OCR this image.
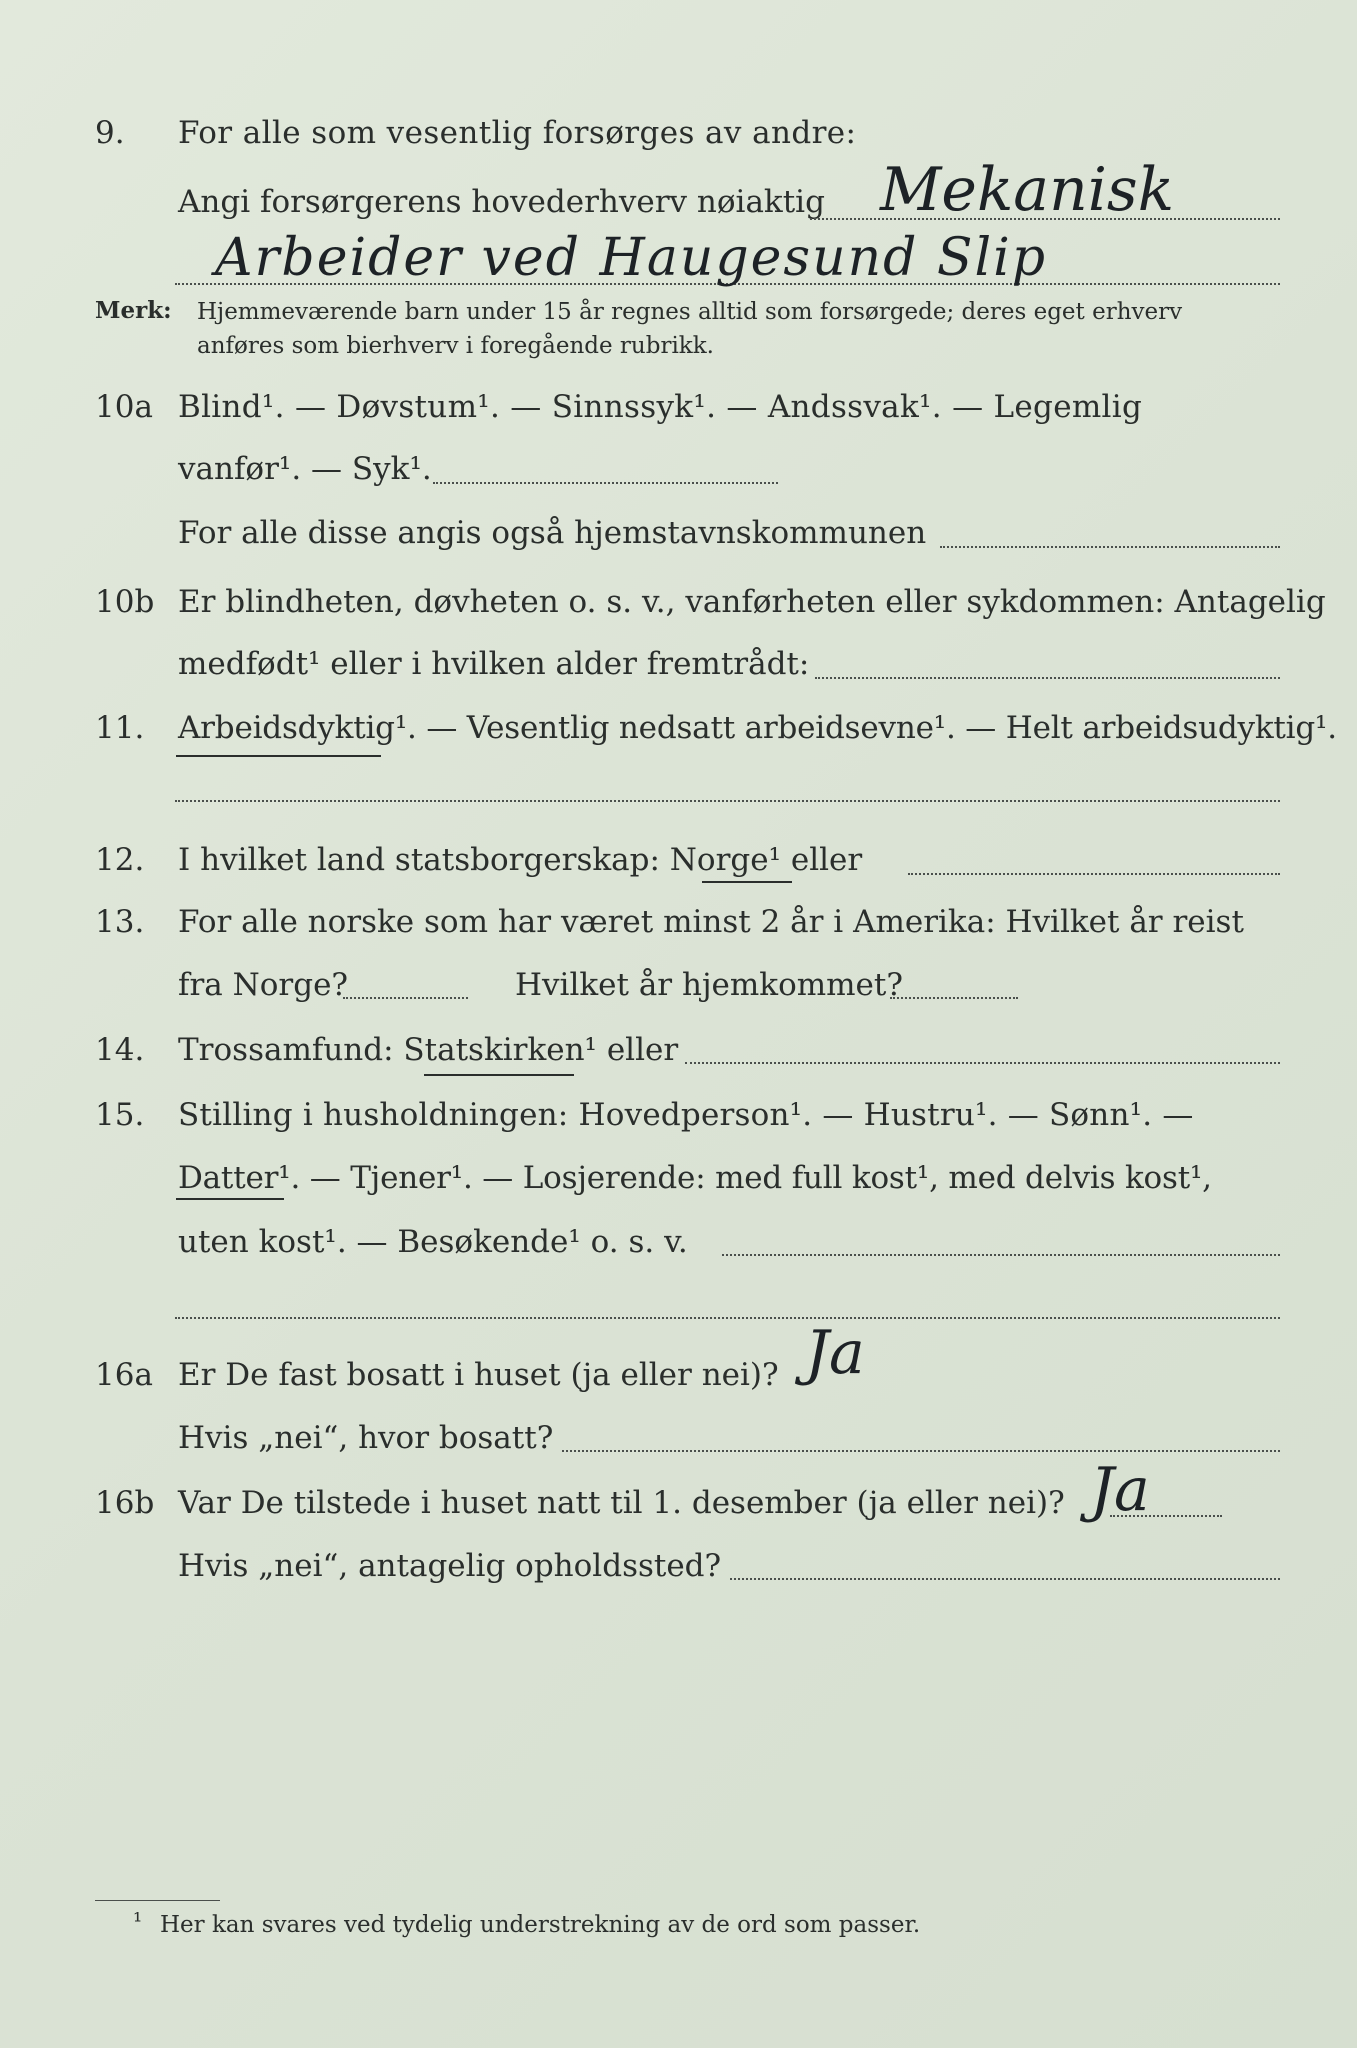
9. For alle som vesentlig forsørges av andre:
Angi forsørgerens hovederhverv nøiaktig Mekanisk
Arbeider ved Haugesund Slip
Merk: Hjemmeværende barn under 15 år regnes alltid som forsørgede; deres eget erhverv
anføres som bierhverv i foregående rubrikk.
10a Blind¹. — Døvstum¹. — Sinnssyk¹. — Andssvak¹. — Legemlig
vanfør¹. — Syk¹.
For alle disse angis også hjemstavnskommunen
10b Er blindheten, døvheten o. s. v., vanførheten eller sykdommen: Antagelig
medfødt¹ eller i hvilken alder fremtrådt:
11. Arbeidsdyktig¹. — Vesentlig nedsatt arbeidsevne¹. — Helt arbeidsudyktig¹.
12. I hvilket land statsborgerskap: Norge¹ eller
13. For alle norske som har været minst 2 år i Amerika: Hvilket år reist
fra Norge?	Hvilket år hjemkommet?
14. Trossamfund: Statskirken¹ eller
15. Stilling i husholdningen: Hovedperson¹. — Hustru¹. — Sønn¹. —
Datter¹. — Tjener¹. — Losjerende: med full kost¹, med delvis kost¹,
uten kost¹. — Besøkende¹ o. s. v.
16a Er De fast bosatt i huset (ja eller nei)? Ja
Hvis „nei“, hvor bosatt?
16b Var De tilstede i huset natt til 1. desember (ja eller nei)? Ja
Hvis „nei“, antagelig opholdssted?
¹ Her kan svares ved tydelig understrekning av de ord som passer.
